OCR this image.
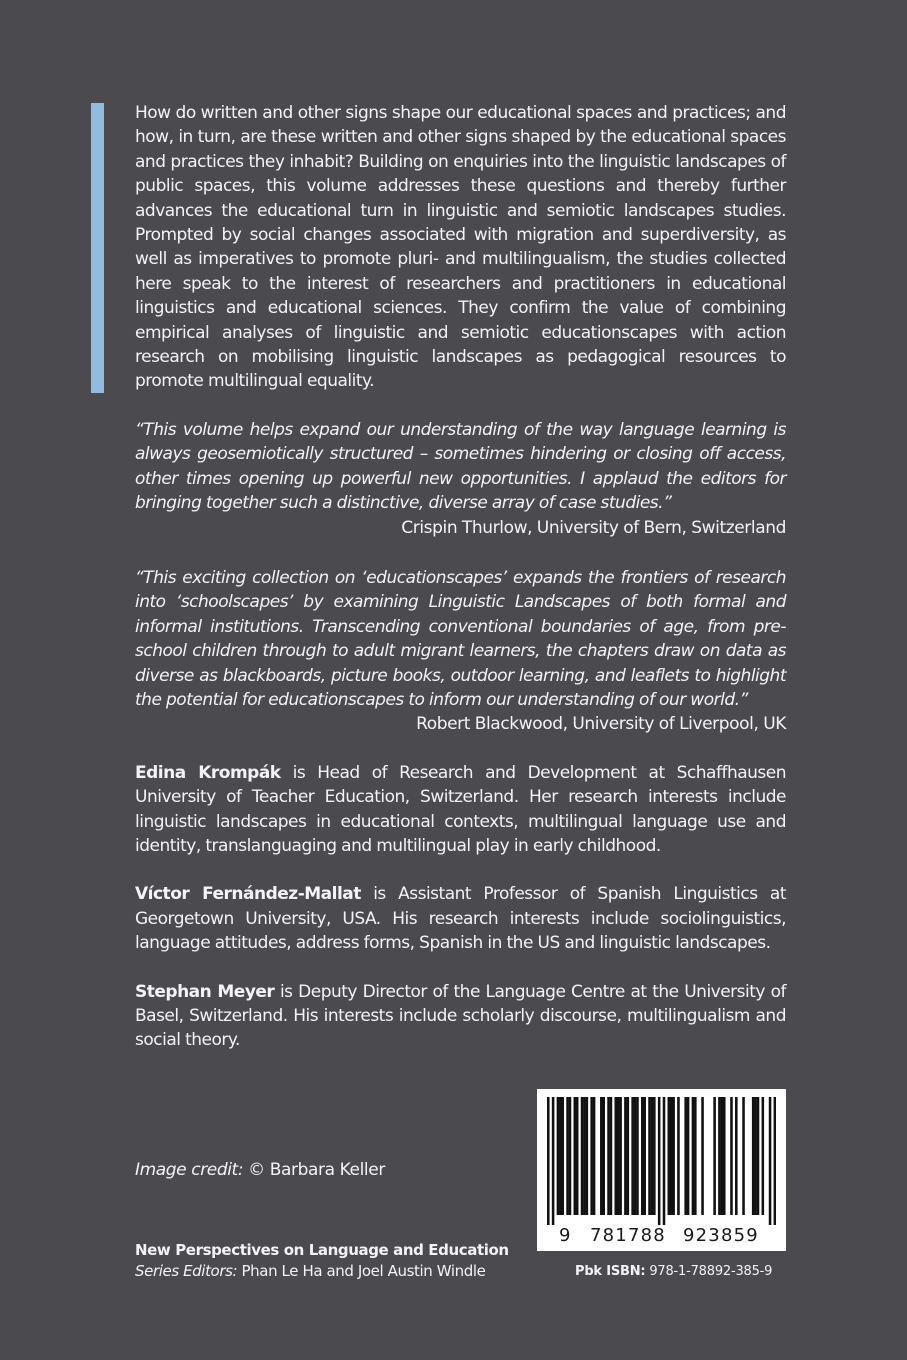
How do written and other signs shape our educational spaces and practices; and how, in turn, are these written and other signs shaped by the educational spaces and practices they inhabit? Building on enquiries into the linguistic landscapes of public spaces, this volume addresses these questions and thereby further advances the educational turn in linguistic and semiotic landscapes studies. Prompted by social changes associated with migration and superdiversity, as well as imperatives to promote pluri- and multilingualism, the studies collected here speak to the interest of researchers and practitioners in educational linguistics and educational sciences. They confirm the value of combining empirical analyses of linguistic and semiotic educationscapes with action research on mobilising linguistic landscapes as pedagogical resources to promote multilingual equality.

“This volume helps expand our understanding of the way language learning is always geosemiotically structured – sometimes hindering or closing off access, other times opening up powerful new opportunities. I applaud the editors for bringing together such a distinctive, diverse array of case studies.”

Crispin Thurlow, University of Bern, Switzerland

“This exciting collection on ‘educationscapes’ expands the frontiers of research into ‘schoolscapes’ by examining Linguistic Landscapes of both formal and informal institutions. Transcending conventional boundaries of age, from pre-school children through to adult migrant learners, the chapters draw on data as diverse as blackboards, picture books, outdoor learning, and leaflets to highlight the potential for educationscapes to inform our understanding of our world.”

Robert Blackwood, University of Liverpool, UK

Edina Krompák is Head of Research and Development at Schaffhausen University of Teacher Education, Switzerland. Her research interests include linguistic landscapes in educational contexts, multilingual language use and identity, translanguaging and multilingual play in early childhood.

Víctor Fernández-Mallat is Assistant Professor of Spanish Linguistics at Georgetown University, USA. His research interests include sociolinguistics, language attitudes, address forms, Spanish in the US and linguistic landscapes.

Stephan Meyer is Deputy Director of the Language Centre at the University of Basel, Switzerland. His interests include scholarly discourse, multilingualism and social theory.

Image credit: © Barbara Keller
New Perspectives on Language and Education
Series Editors: Phan Le Ha and Joel Austin Windle
9 781788 923859
Pbk ISBN: 978-1-78892-385-9
